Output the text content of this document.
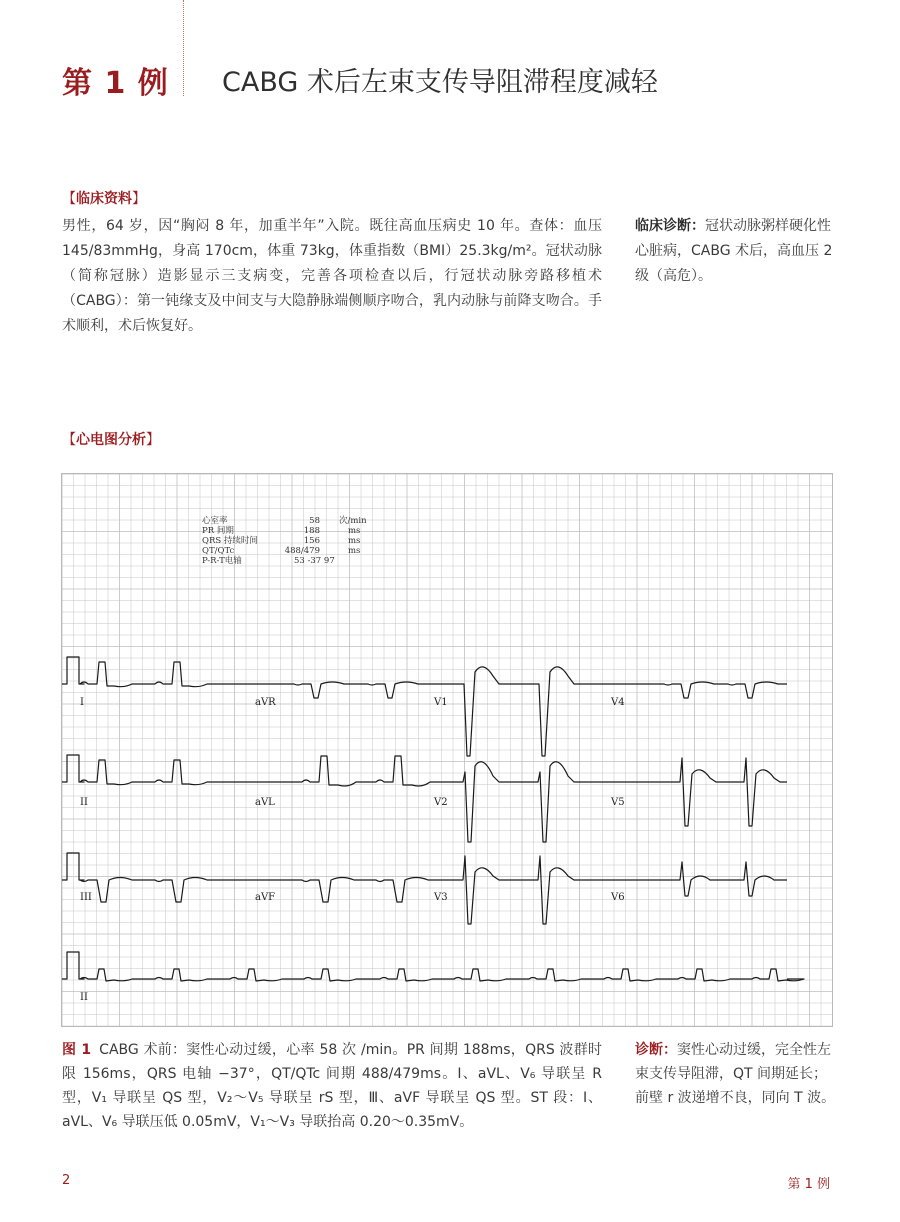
第 1 例 CABG 术后左束支传导阻滞程度减轻
【临床资料】
男性，64 岁，因“胸闷 8 年，加重半年”入院。既往高血压病史 10 年。查体：血压 145/83mmHg，身高 170cm，体重 73kg，体重指数（BMI）25.3kg/m²。冠状动脉（简称冠脉）造影显示三支病变，完善各项检查以后，行冠状动脉旁路移植术（CABG）：第一钝缘支及中间支与大隐静脉端侧顺序吻合，乳内动脉与前降支吻合。手术顺利，术后恢复好。
临床诊断：冠状动脉粥样硬化性心脏病，CABG 术后，高血压 2 级（高危）。
【心电图分析】
心室率	58 次/min
PR 间期	188	ms
QRS 持续时间	156	ms
QT/QTc	488/479	ms
P-R-T电轴	53 -37 97
I	aVR	V1	V4
II	aVL	V2	V5
III	aVF	V3	V6
II
图 1 CABG 术前：窦性心动过缓，心率 58 次 /min。PR 间期 188ms，QRS 波群时限 156ms，QRS 电轴 −37°，QT/QTc 间期 488/479ms。Ⅰ、aVL、V₆ 导联呈 R 型，V₁ 导联呈 QS 型，V₂～V₅ 导联呈 rS 型，Ⅲ、aVF 导联呈 QS 型。ST 段：Ⅰ、aVL、V₆ 导联压低 0.05mV，V₁～V₃ 导联抬高 0.20～0.35mV。
诊断：窦性心动过缓，完全性左束支传导阻滞，QT 间期延长；前壁 r 波递增不良，同向 T 波。
2	第 1 例
